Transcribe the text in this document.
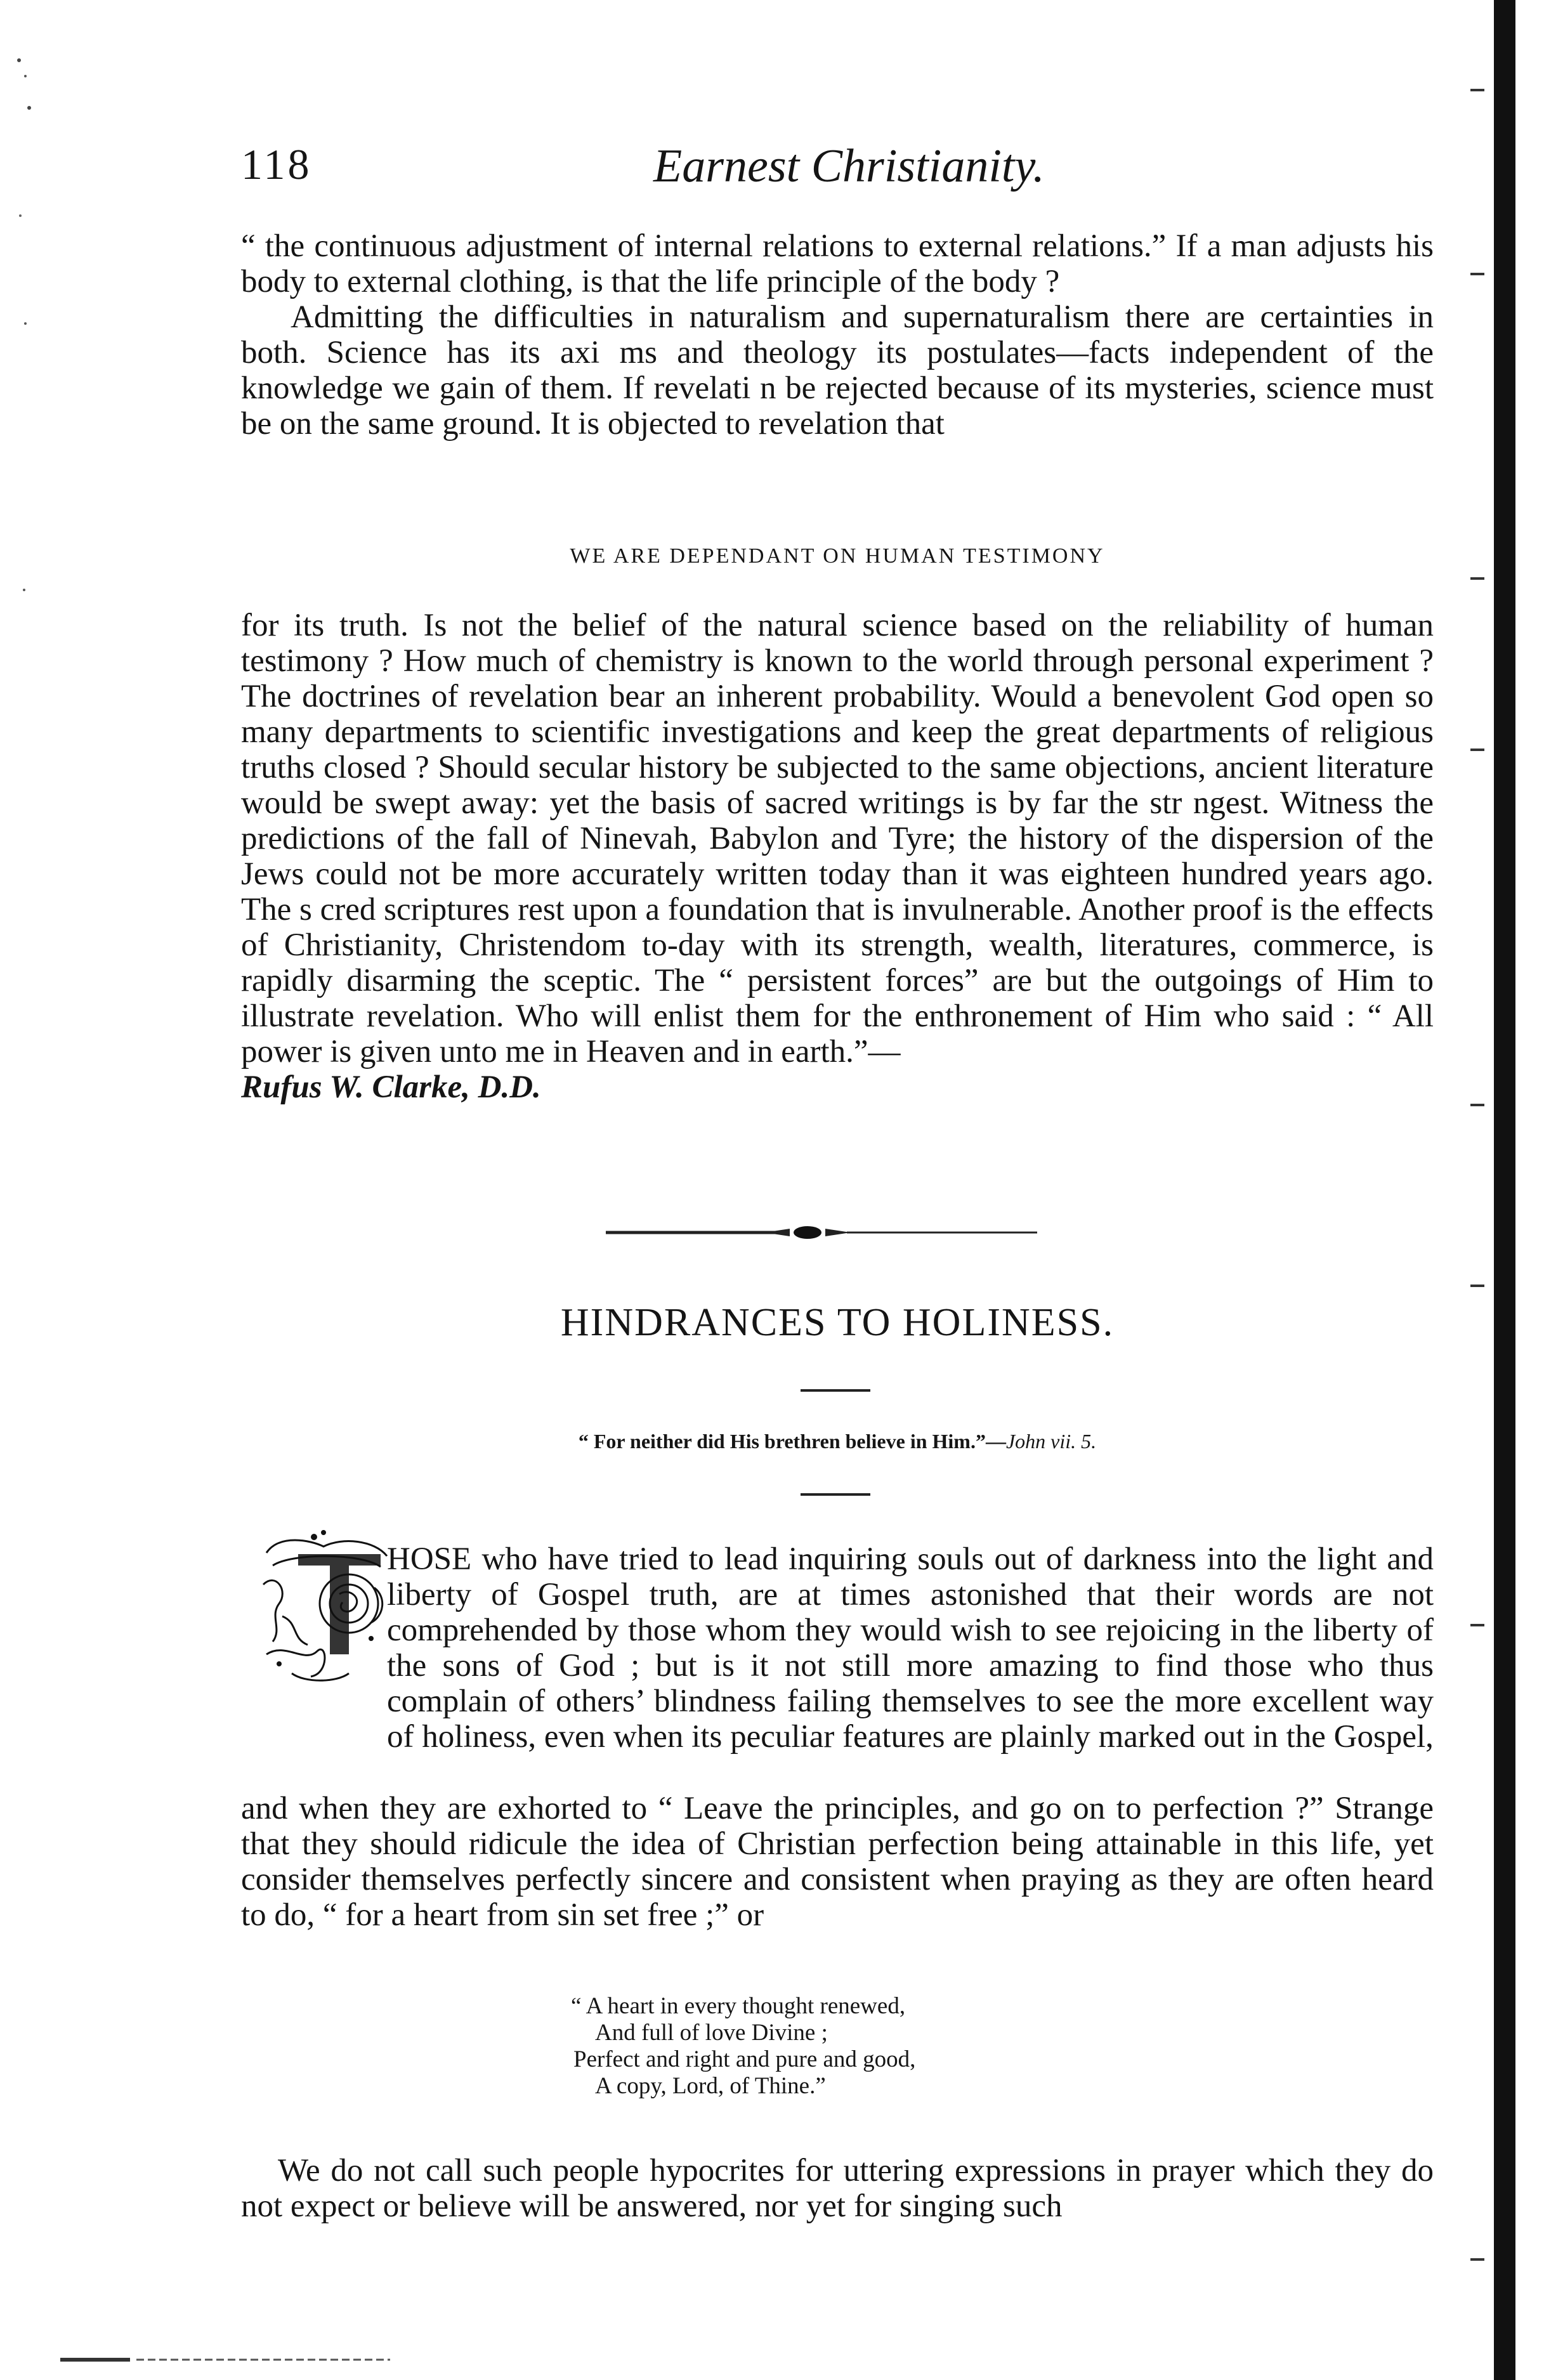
118	Earnest Christianity.

“ the continuous adjustment of internal relations to external relations.” If a man adjusts his body to external clothing, is that the life principle of the body ?

Admitting the difficulties in naturalism and supernaturalism there are certainties in both. Science has its axi ms and theology its postulates—facts independent of the knowledge we gain of them. If revelati n be rejected because of its mysteries, science must be on the same ground. It is objected to revelation that

WE ARE DEPENDANT ON HUMAN TESTIMONY

for its truth. Is not the belief of the natural science based on the reliability of human testimony ? How much of chemistry is known to the world through personal experiment ? The doctrines of revelation bear an inherent probability. Would a benevolent God open so many departments to scientific investigations and keep the great departments of religious truths closed ? Should secular history be subjected to the same objections, ancient literature would be swept away: yet the basis of sacred writings is by far the str ngest. Witness the predictions of the fall of Ninevah, Babylon and Tyre; the history of the dispersion of the Jews could not be more accurately written today than it was eighteen hundred years ago. The s cred scriptures rest upon a foundation that is invulnerable. Another proof is the effects of Christianity, Christendom to-day with its strength, wealth, literatures, commerce, is rapidly disarming the sceptic. The “ persistent forces” are but the outgoings of Him to illustrate revelation. Who will enlist them for the enthronement of Him who said : “ All power is given unto me in Heaven and in earth.”—
Rufus W. Clarke, D.D.

HINDRANCES TO HOLINESS.

“ For neither did His brethren believe in Him.”—John vii. 5.

HOSE who have tried to lead inquiring souls out of darkness into the light and liberty of Gospel truth, are at times astonished that their words are not comprehended by those whom they would wish to see rejoicing in the liberty of the sons of God ; but is it not still more amazing to find those who thus complain of others’ blindness failing themselves to see the more excellent way of holiness, even when its peculiar features are plainly marked out in the Gospel,

and when they are exhorted to “ Leave the principles, and go on to perfection ?” Strange that they should ridicule the idea of Christian perfection being attainable in this life, yet consider themselves perfectly sincere and consistent when praying as they are often heard to do, “ for a heart from sin set free ;” or

“ A heart in every thought renewed,
And full of love Divine ;
Perfect and right and pure and good,
A copy, Lord, of Thine.”

We do not call such people hypocrites for uttering expressions in prayer which they do not expect or believe will be answered, nor yet for singing such
